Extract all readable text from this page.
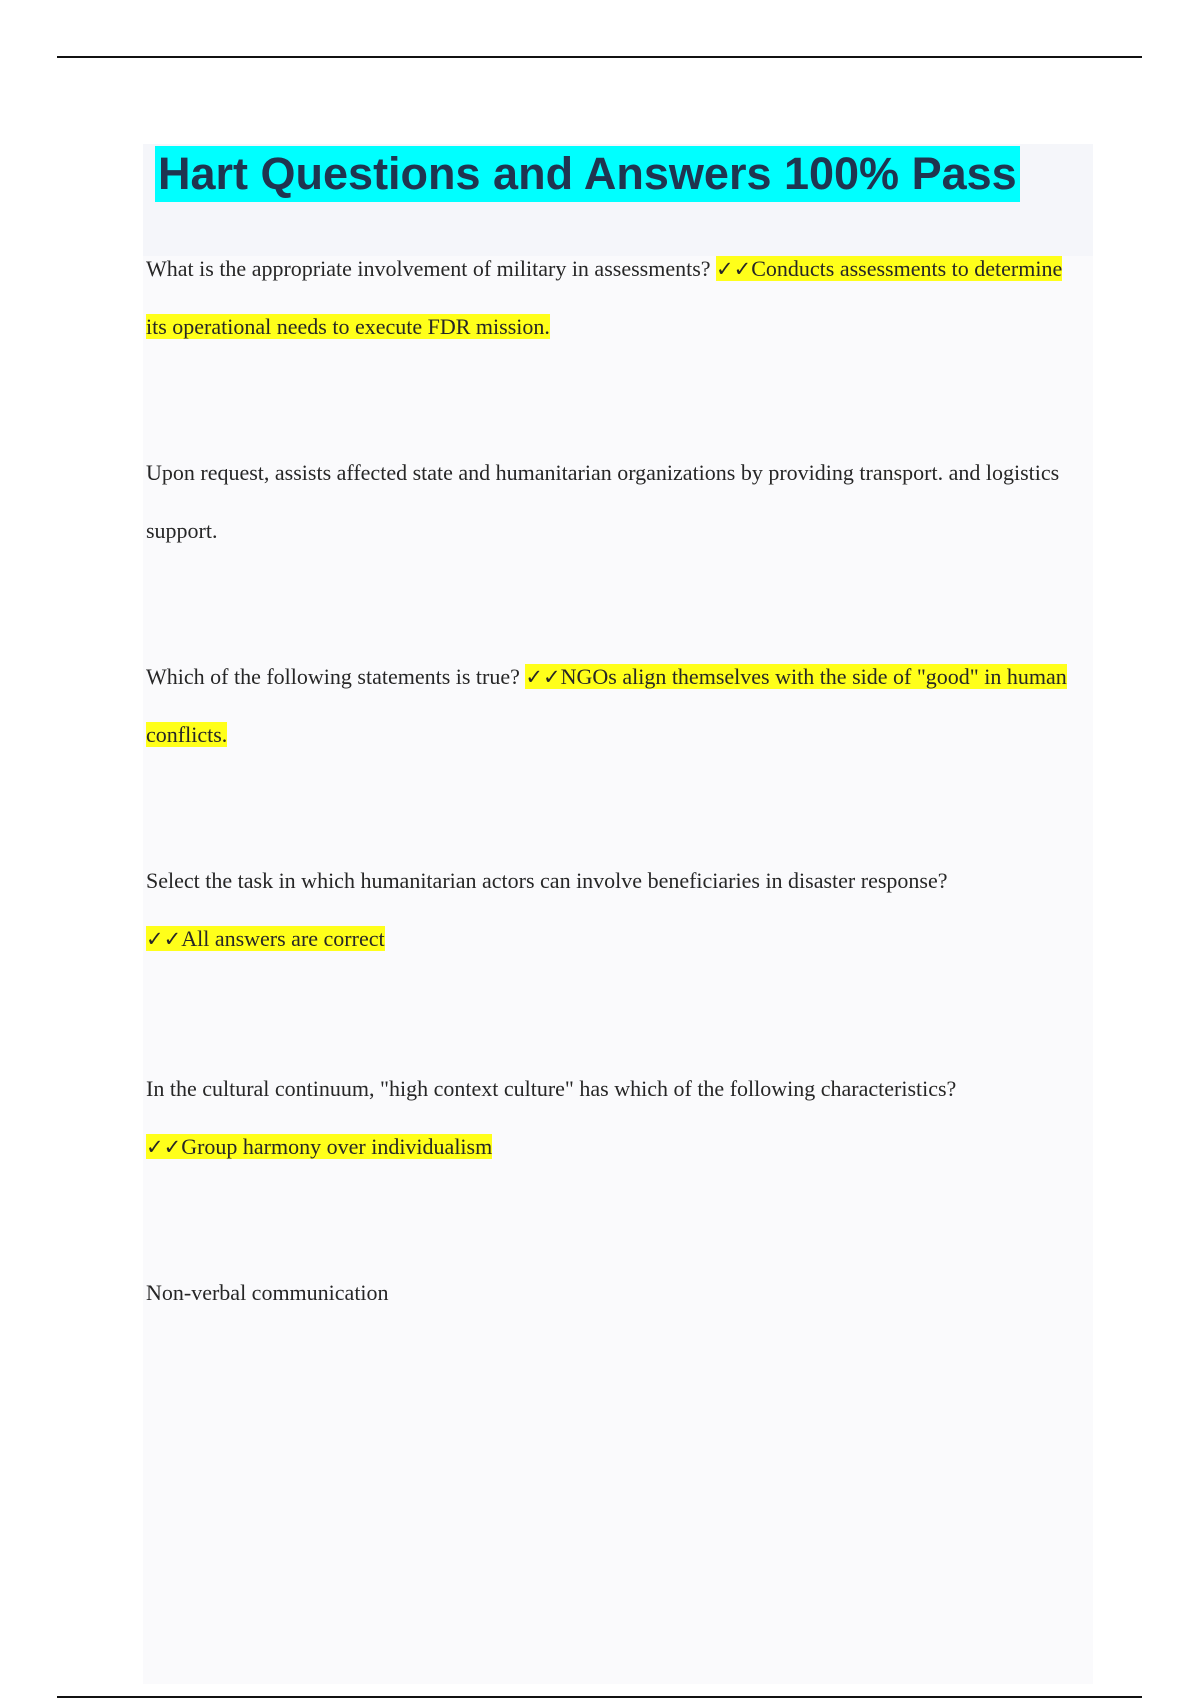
Hart Questions and Answers 100% Pass

What is the appropriate involvement of military in assessments? ✓✓Conducts assessments to determine its operational needs to execute FDR mission.

Upon request, assists affected state and humanitarian organizations by providing transport. and logistics support.

Which of the following statements is true? ✓✓NGOs align themselves with the side of "good" in human conflicts.

Select the task in which humanitarian actors can involve beneficiaries in disaster response?
✓✓All answers are correct

In the cultural continuum, "high context culture" has which of the following characteristics?
✓✓Group harmony over individualism

Non-verbal communication
